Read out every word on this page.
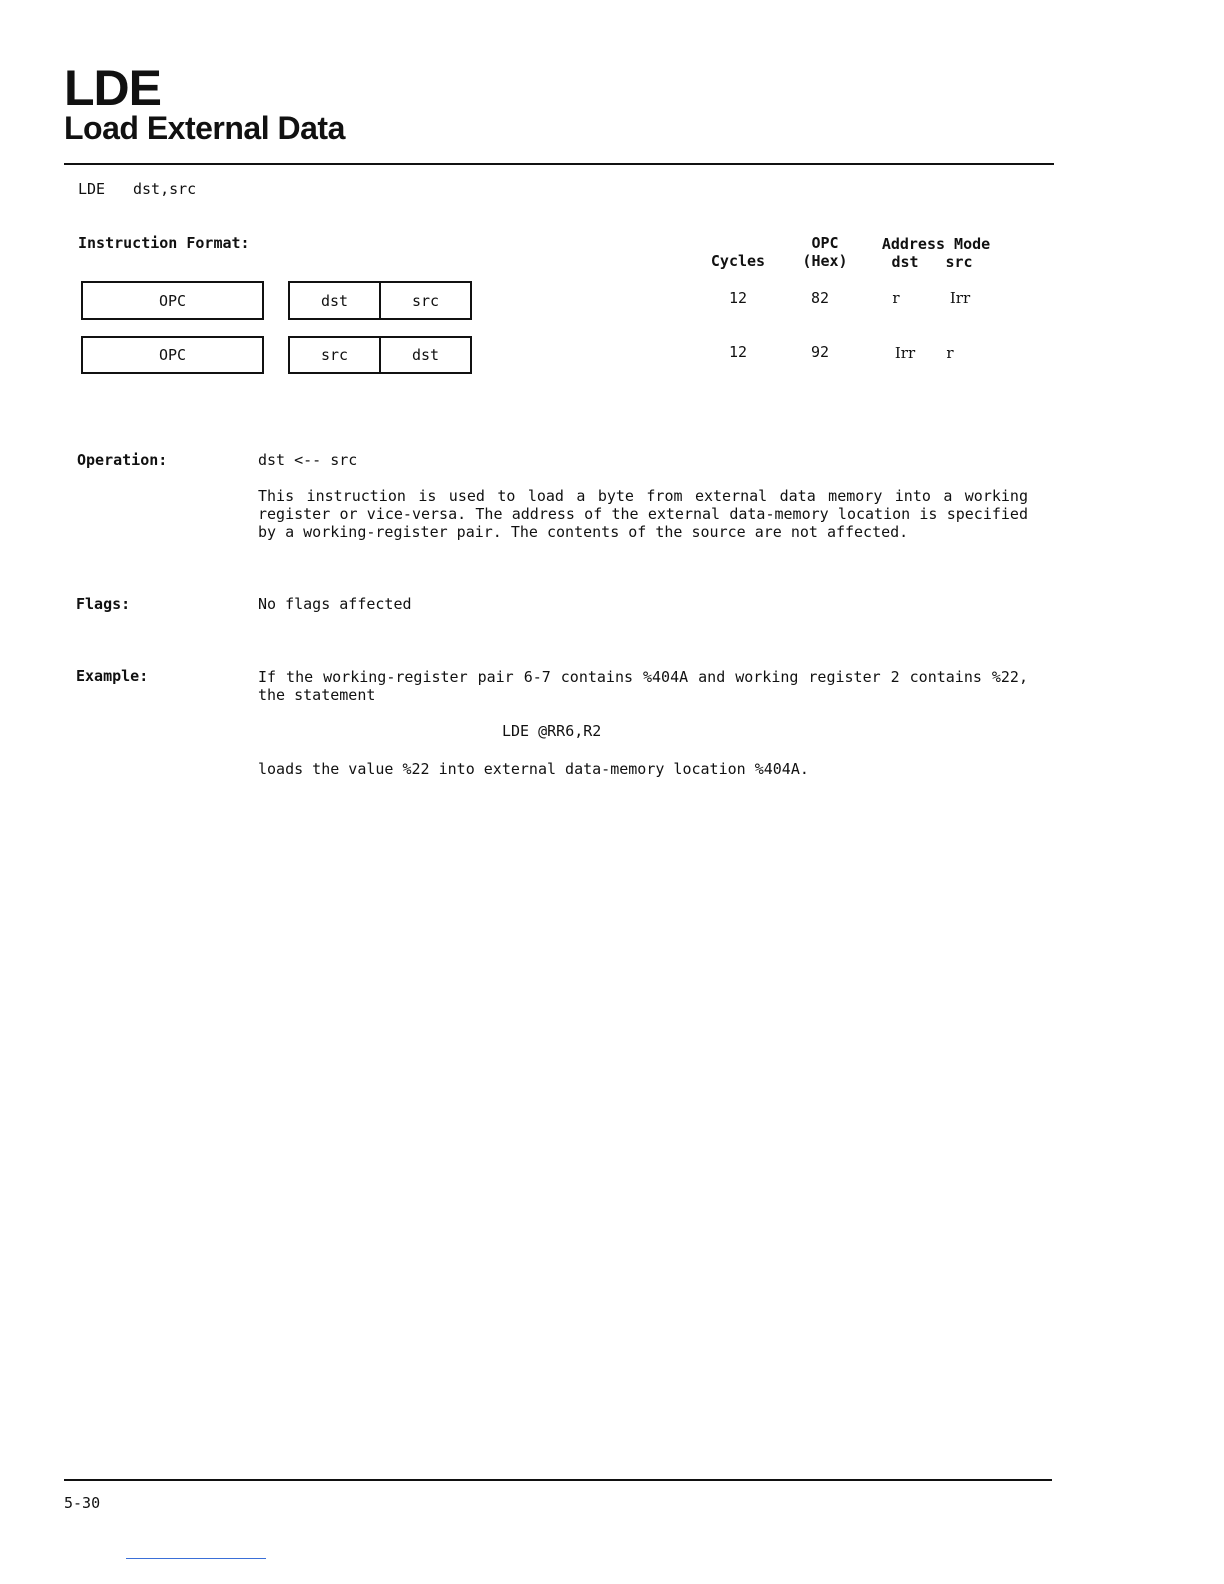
LDE
Load External Data
LDE dst,src
Instruction Format:	OPC	Address Mode
Cycles	(Hex)	dst	src
OPC	dst	src	12	82	r	Irr
OPC	src	dst	12	92	Irr	r
Operation:	dst <-- src
This instruction is used to load a byte from external data memory into a working register or vice-versa. The address of the external data-memory location is specified by a working-register pair. The contents of the source are not affected.
Flags:	No flags affected
Example:	If the working-register pair 6-7 contains %404A and working register 2 contains %22, the statement
LDE @RR6,R2
loads the value %22 into external data-memory location %404A.
5-30
